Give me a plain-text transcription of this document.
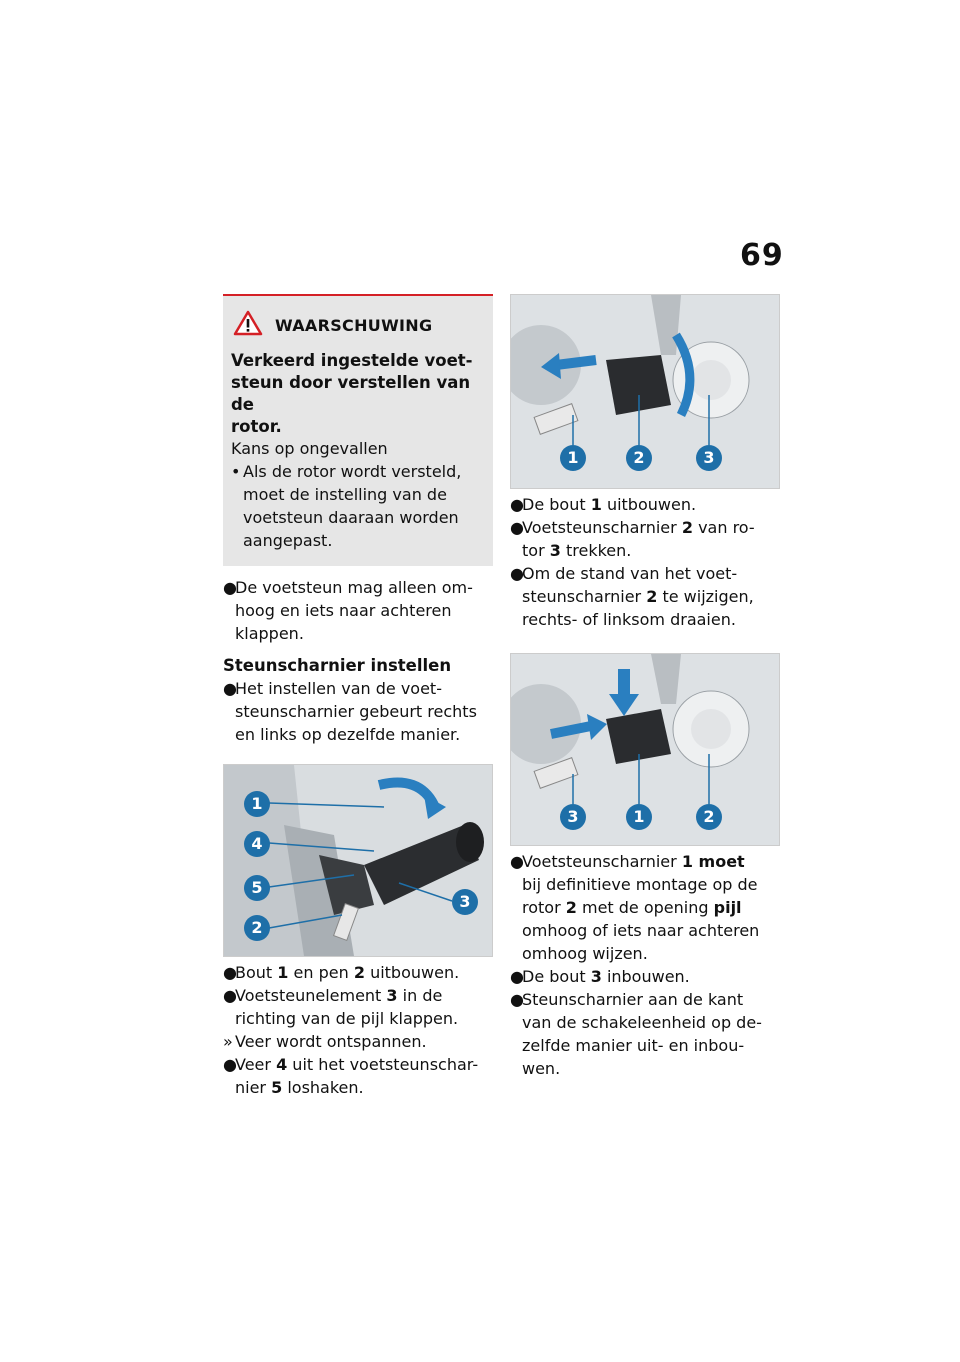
69
WAARSCHUWING
Verkeerd ingestelde voet-
steun door verstellen van de
rotor.
Kans op ongevallen
• Als de rotor wordt versteld,
moet de instelling van de
voetsteun daaraan worden
aangepast.
●
De voetsteun mag alleen om-
hoog en iets naar achteren
klappen.
Steunscharnier instellen
●
Het instellen van de voet-
steunscharnier gebeurt rechts
en links op dezelfde manier.
1
4
5
2
3
●
Bout 1 en pen 2 uitbouwen.
●
Voetsteunelement 3 in de
richting van de pijl klappen.
» Veer wordt ontspannen.
●
Veer 4 uit het voetsteunschar-
nier 5 loshaken.
1	2	3
●
De bout 1 uitbouwen.
●
Voetsteunscharnier 2 van ro-
tor 3 trekken.
●
Om de stand van het voet-
steunscharnier 2 te wijzigen,
rechts- of linksom draaien.
3	1	2
●
Voetsteunscharnier 1 moet
bij definitieve montage op de
rotor 2 met de opening pijl
omhoog of iets naar achteren
omhoog wijzen.
●
De bout 3 inbouwen.
●
Steunscharnier aan de kant
van de schakeleenheid op de-
zelfde manier uit- en inbou-
wen.
